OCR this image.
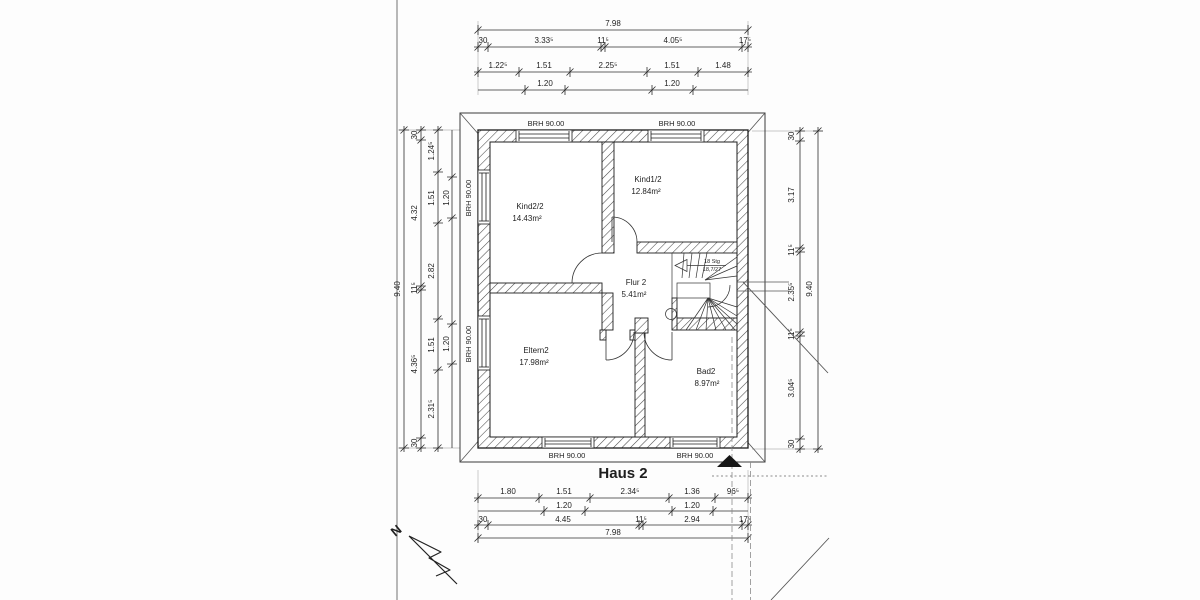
18 Stg
18,7/27
Kind2/2
14.43m²
Kind1/2
12.84m²
Flur 2
5.41m²
Eltern2
17.98m²
Bad2
8.97m²
BRH 90.00	BRH 90.00
BRH 90.00
BRH 90.00
BRH 90.00	BRH 90.00
7.98
30	3.33⁵	11⁵	4.05⁵	17⁵
1.22⁵	1.51	2.25⁵	1.51	1.48
1.20	1.20
1.80	1.51	2.34⁵	1.36	96⁵
1.20	1.20
30	4.45	11⁵	2.94	17⁵
7.98
9.40
30
4.32
11⁵
4.36⁵
30
1.24⁵
1.51
2.82
1.51
2.31⁵
1.20
1.20
30
3.17
11⁵
2.35⁵
11⁵
3.04⁵
30
9.40
Haus 2
N
